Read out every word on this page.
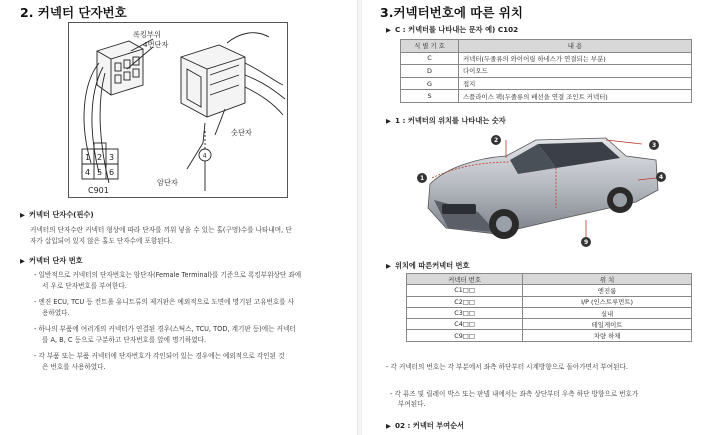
2. 커넥터 단자번호
록킹부위
4번단자
숫단자
암단자
4
1 2 3
4 5 6
C901
▶ 커넥터 단자수(핀수)
커넥터의 단자수란 커넥터 형상에 따라 단자를 끼워 넣을 수 있는 홀(구멍)수를 나타내며, 단
자가 삽입되어 있지 않은 홀도 단자수에 포함된다.
▶ 커넥터 단자 번호
- 일반적으로 커넥터의 단자번호는 암단자(Female Terminal)를 기준으로 록킹부위상단 좌에
서 우로 단자번호를 부여한다.
- 엔진 ECU, TCU 등 컨트롤 유니트류의 제거판은 예외적으로 도면에 명기된 고유번호를 사
용하였다.
- 하나의 부품에 여러개의 커넥터가 연결된 경우(스틱스, TCU, TOD, 계기판 등)에는 커넥터
를 A, B, C 등으로 구분하고 단자번호를 앞에 명기하였다.
- 각 부품 또는 부품 커넥터에 단자번호가 각인되어 있는 경우에는 예외적으로 각인된 것
은 번호를 사용하였다.
3.커넥터번호에 따른 위치
▶ C : 커넥터를 나타내는 문자 예) C102
식 별 기 호	내 용
C	커넥터(두줄류의 와이어링 하네스가 연결되는 부분)
D	다이오드
G	접지
S	스플라이스 팩(두줄류의 배선을 연결 조인트 커넥터)
▶ 1 : 커넥터의 위치를 나타내는 숫자
1
2
3
4
9
▶ 위치에 따른커넥터 번호
커넥터 번호	위 치
C1□□	엔진룸
C2□□	I/P (인스트루먼트)
C3□□	실내
C4□□	테일게이트
C9□□	차량 하체
- 각 커넥터의 번호는 각 부분에서 좌측 하단부터 시계방향으로 돌아가면서 부여된다.
- 각 퓨즈 및 릴레이 박스 또는 판넬 내에서는 좌측 상단부터 우측 하단 방향으로 번호가
부여된다.
▶ 02 : 커넥터 부여순서
